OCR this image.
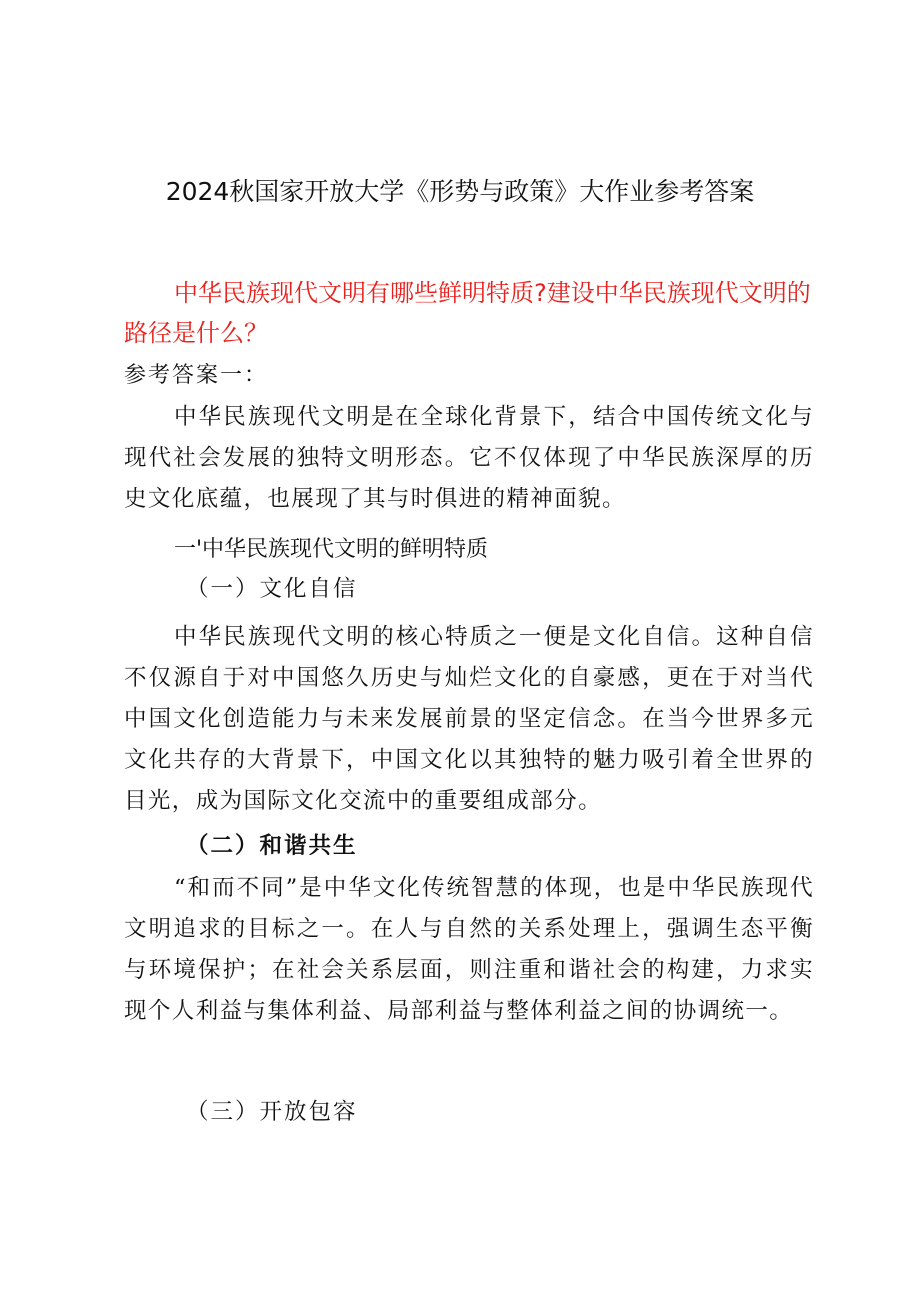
2024秋国家开放大学《形势与政策》大作业参考答案
中华民族现代文明有哪些鲜明特质?建设中华民族现代文明的路径是什么？
参考答案一：
中华民族现代文明是在全球化背景下，结合中国传统文化与现代社会发展的独特文明形态。它不仅体现了中华民族深厚的历史文化底蕴，也展现了其与时俱进的精神面貌。
一'中华民族现代文明的鲜明特质
（一）文化自信
中华民族现代文明的核心特质之一便是文化自信。这种自信不仅源自于对中国悠久历史与灿烂文化的自豪感，更在于对当代中国文化创造能力与未来发展前景的坚定信念。在当今世界多元文化共存的大背景下，中国文化以其独特的魅力吸引着全世界的目光，成为国际文化交流中的重要组成部分。
（二）和谐共生
“和而不同”是中华文化传统智慧的体现，也是中华民族现代文明追求的目标之一。在人与自然的关系处理上，强调生态平衡与环境保护；在社会关系层面，则注重和谐社会的构建，力求实现个人利益与集体利益、局部利益与整体利益之间的协调统一。
（三）开放包容
